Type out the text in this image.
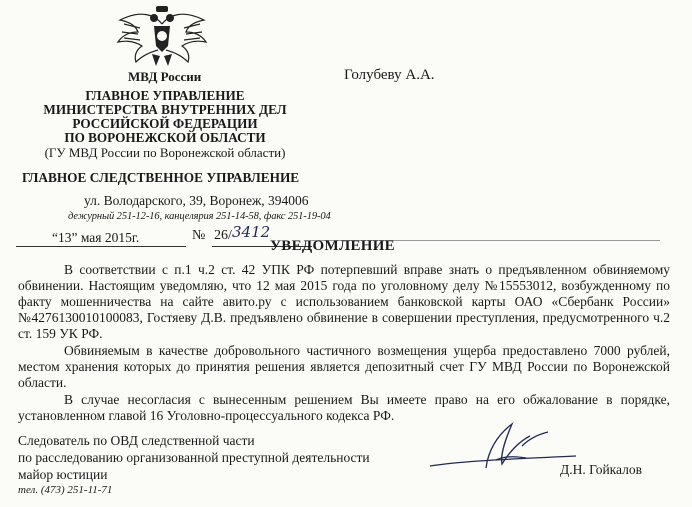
МВД России
ГЛАВНОЕ УПРАВЛЕНИЕ
МИНИСТЕРСТВА ВНУТРЕННИХ ДЕЛ
РОССИЙСКОЙ ФЕДЕРАЦИИ
ПО ВОРОНЕЖСКОЙ ОБЛАСТИ
(ГУ МВД России по Воронежской области)
ГЛАВНОЕ СЛЕДСТВЕННОЕ УПРАВЛЕНИЕ
ул. Володарского, 39, Воронеж, 394006
дежурный 251-12-16, канцелярия 251-14-58, факс 251-19-04
“13” мая 2015г.	№ 26/ 3412
Голубеву А.А.
УВЕДОМЛЕНИЕ

В соответствии с п.1 ч.2 ст. 42 УПК РФ потерпевший вправе знать о предъявленном обвиняемому обвинении. Настоящим уведомляю, что 12 мая 2015 года по уголовному делу №15553012, возбужденному по факту мошенничества на сайте авито.ру с использованием банковской карты ОАО «Сбербанк России» №4276130010100083, Гостяеву Д.В. предъявлено обвинение в совершении преступления, предусмотренного ч.2 ст. 159 УК РФ.

Обвиняемым в качестве добровольного частичного возмещения ущерба предоставлено 7000 рублей, местом хранения которых до принятия решения является депозитный счет ГУ МВД России по Воронежской области.

В случае несогласия с вынесенным решением Вы имеете право на его обжалование в порядке, установленном главой 16 Уголовно-процессуального кодекса РФ.

Следователь по ОВД следственной части
по расследованию организованной преступной деятельности
майор юстиции
тел. (473) 251-11-71
Д.Н. Гойкалов
